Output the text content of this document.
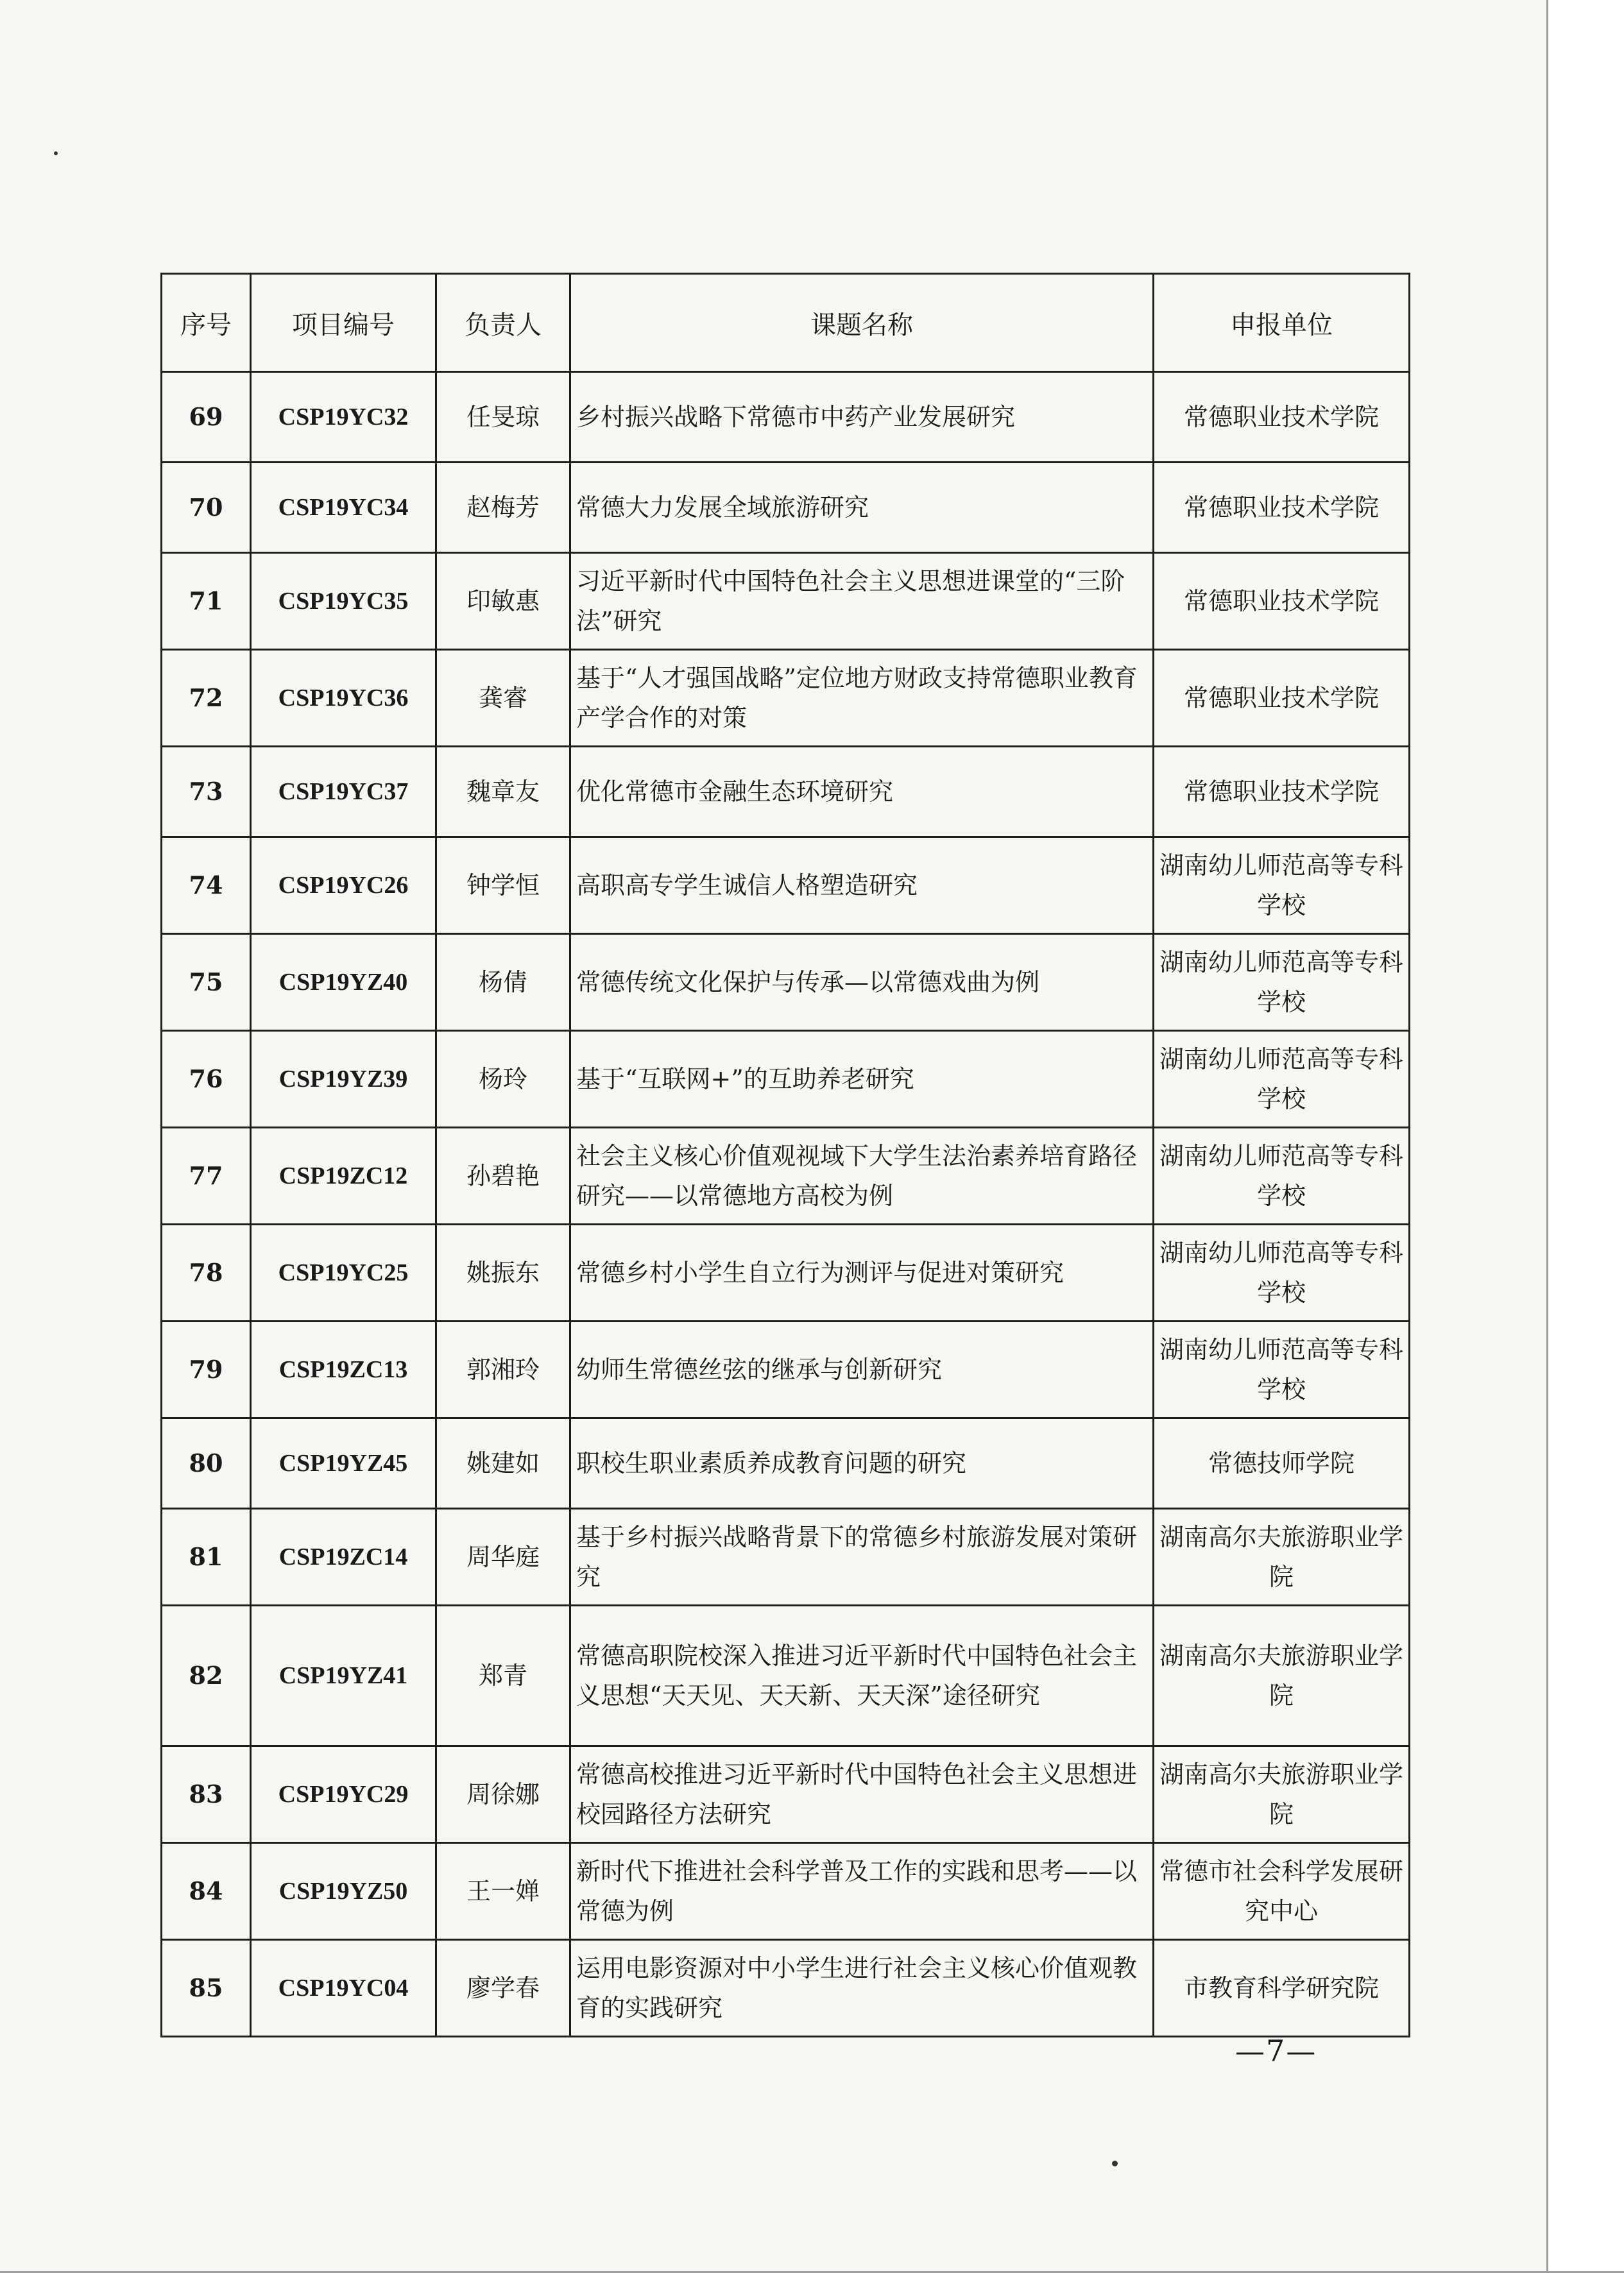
序号	项目编号	负责人	课题名称	申报单位
69	CSP19YC32	任旻琼	乡村振兴战略下常德市中药产业发展研究	常德职业技术学院
70	CSP19YC34	赵梅芳	常德大力发展全域旅游研究	常德职业技术学院
71	CSP19YC35	印敏惠	习近平新时代中国特色社会主义思想进课堂的“三阶法”研究	常德职业技术学院
72	CSP19YC36	龚睿	基于“人才强国战略”定位地方财政支持常德职业教育产学合作的对策	常德职业技术学院
73	CSP19YC37	魏章友	优化常德市金融生态环境研究	常德职业技术学院
74	CSP19YC26	钟学恒	高职高专学生诚信人格塑造研究	湖南幼儿师范高等专科学校
75	CSP19YZ40	杨倩	常德传统文化保护与传承—以常德戏曲为例	湖南幼儿师范高等专科学校
76	CSP19YZ39	杨玲	基于“互联网+”的互助养老研究	湖南幼儿师范高等专科学校
77	CSP19ZC12	孙碧艳	社会主义核心价值观视域下大学生法治素养培育路径研究——以常德地方高校为例	湖南幼儿师范高等专科学校
78	CSP19YC25	姚振东	常德乡村小学生自立行为测评与促进对策研究	湖南幼儿师范高等专科学校
79	CSP19ZC13	郭湘玲	幼师生常德丝弦的继承与创新研究	湖南幼儿师范高等专科学校
80	CSP19YZ45	姚建如	职校生职业素质养成教育问题的研究	常德技师学院
81	CSP19ZC14	周华庭	基于乡村振兴战略背景下的常德乡村旅游发展对策研究	湖南高尔夫旅游职业学院
82	CSP19YZ41	郑青	常德高职院校深入推进习近平新时代中国特色社会主义思想“天天见、天天新、天天深”途径研究	湖南高尔夫旅游职业学院
83	CSP19YC29	周徐娜	常德高校推进习近平新时代中国特色社会主义思想进校园路径方法研究	湖南高尔夫旅游职业学院
84	CSP19YZ50	王一婵	新时代下推进社会科学普及工作的实践和思考——以常德为例	常德市社会科学发展研究中心
85	CSP19YC04	廖学春	运用电影资源对中小学生进行社会主义核心价值观教育的实践研究	市教育科学研究院
—7—
